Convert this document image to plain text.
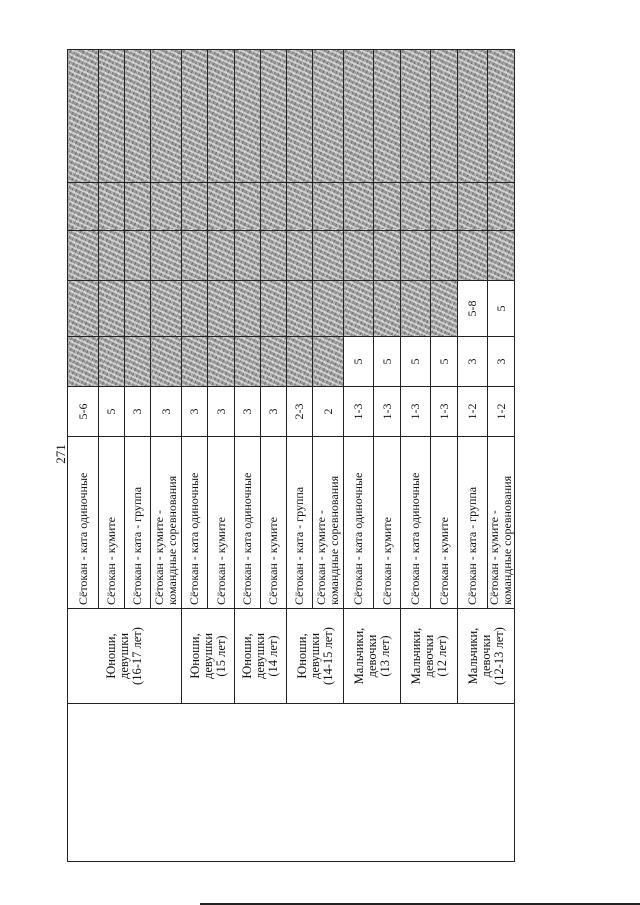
271

	Юноши, девушки (16-17 лет)	Сётокан - ката одиночные	5-6					

		Сётокан - кумите	5					

		Сётокан - ката - группа	3					

		Сётокан - кумите - командные соревнования	3					

	Юноши, девушки (15 лет)	Сётокан - ката одиночные	3					

		Сётокан - кумите	3					

	Юноши, девушки (14 лет)	Сётокан - ката одиночные	3					

		Сётокан - кумите	3					

	Юноши, девушки (14-15 лет)	Сётокан - ката - группа	2-3					

		Сётокан - кумите - командные соревнования	2					

	Мальчики, девочки (13 лет)	Сётокан - ката одиночные	1-3	5				

		Сётокан - кумите	1-3	5				

	Мальчики, девочки (12 лет)	Сётокан - ката одиночные	1-3	5				

		Сётокан - кумите	1-3	5				

	Мальчики, девочки (12-13 лет)	Сётокан - ката - группа	1-2	3	5-8			

		Сётокан - кумите - командные соревнования	1-2	3	5			
